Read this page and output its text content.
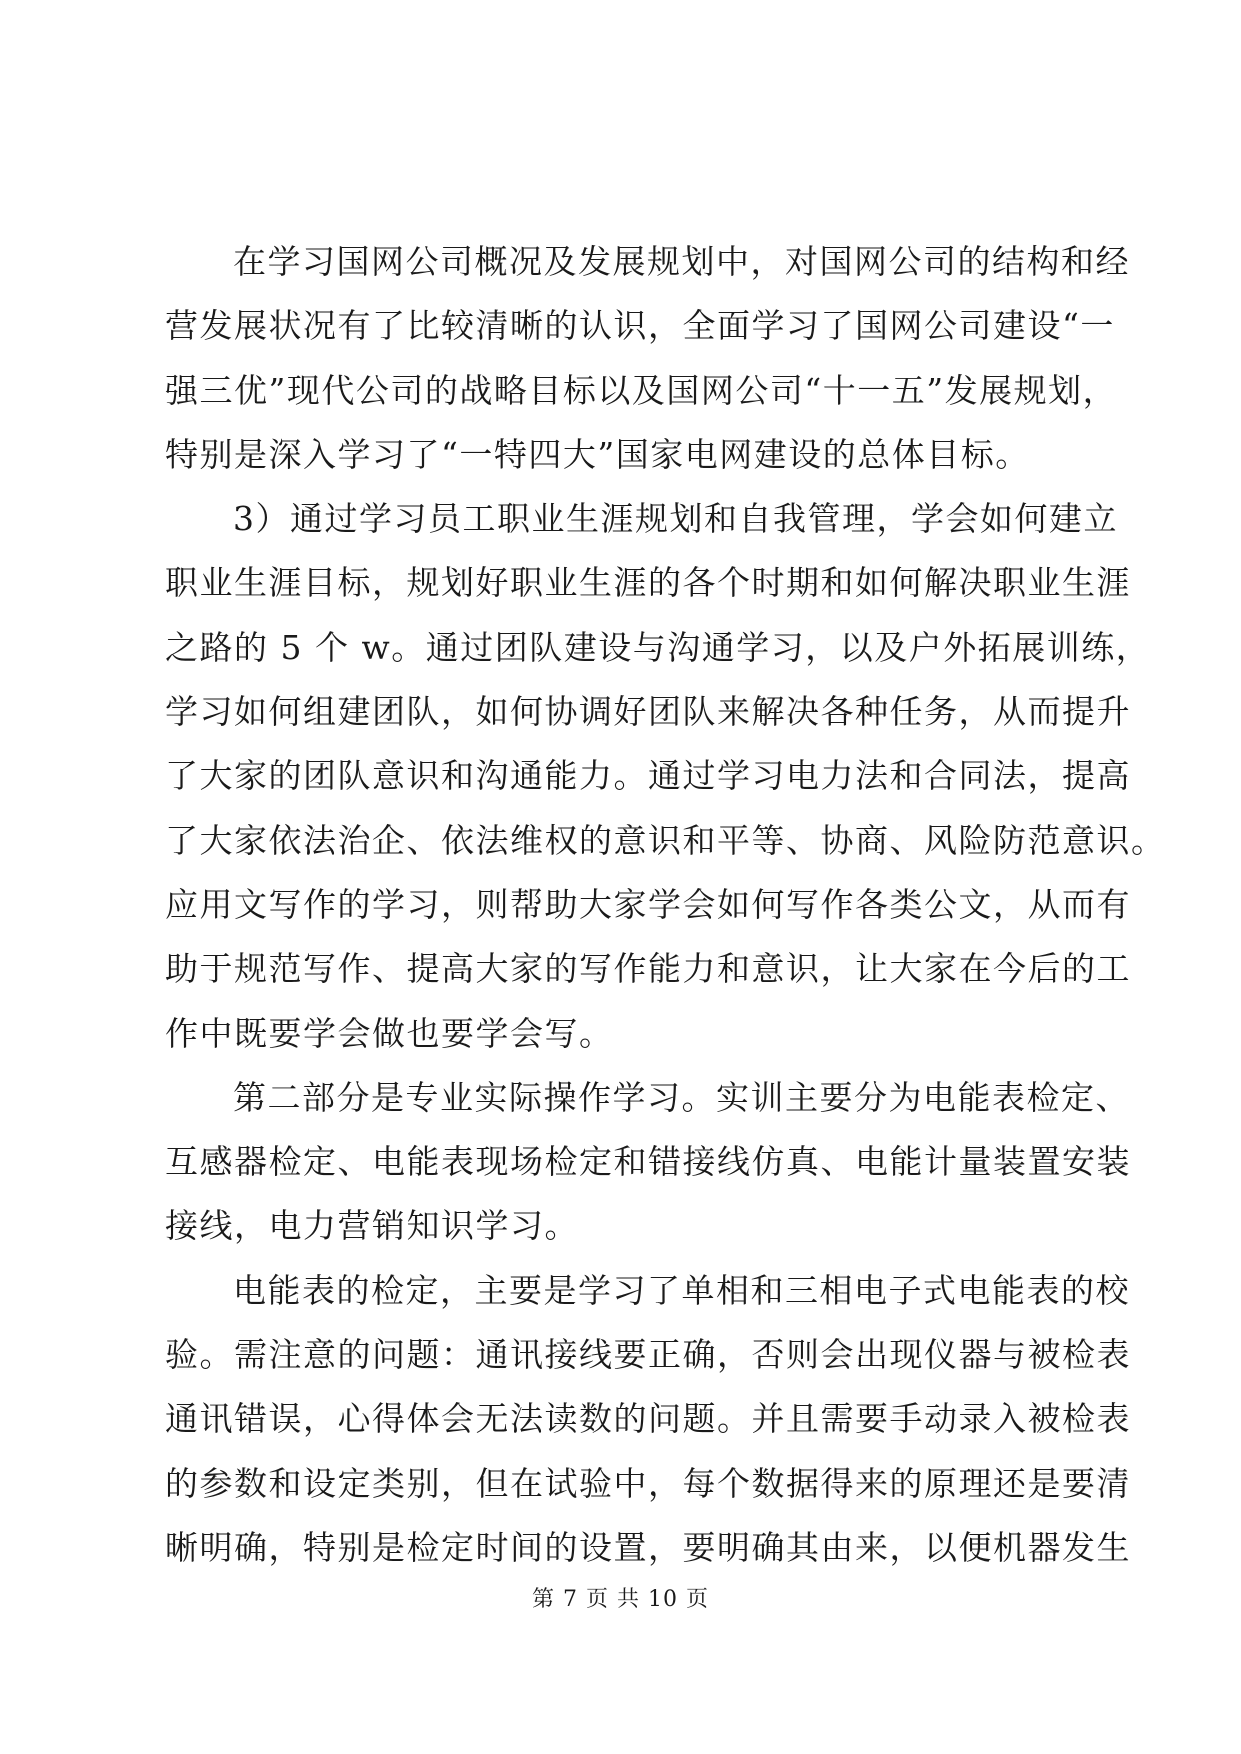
在学习国网公司概况及发展规划中，对国网公司的结构和经
营发展状况有了比较清晰的认识，全面学习了国网公司建设“一
强三优”现代公司的战略目标以及国网公司“十一五”发展规划，
特别是深入学习了“一特四大”国家电网建设的总体目标。
3）通过学习员工职业生涯规划和自我管理，学会如何建立
职业生涯目标，规划好职业生涯的各个时期和如何解决职业生涯
之路的 5 个 w。通过团队建设与沟通学习，以及户外拓展训练，
学习如何组建团队，如何协调好团队来解决各种任务，从而提升
了大家的团队意识和沟通能力。通过学习电力法和合同法，提高
了大家依法治企、依法维权的意识和平等、协商、风险防范意识。
应用文写作的学习，则帮助大家学会如何写作各类公文，从而有
助于规范写作、提高大家的写作能力和意识，让大家在今后的工
作中既要学会做也要学会写。
第二部分是专业实际操作学习。实训主要分为电能表检定、
互感器检定、电能表现场检定和错接线仿真、电能计量装置安装
接线，电力营销知识学习。
电能表的检定，主要是学习了单相和三相电子式电能表的校
验。需注意的问题：通讯接线要正确，否则会出现仪器与被检表
通讯错误，心得体会无法读数的问题。并且需要手动录入被检表
的参数和设定类别，但在试验中，每个数据得来的原理还是要清
晰明确，特别是检定时间的设置，要明确其由来，以便机器发生
第 7 页 共 10 页
